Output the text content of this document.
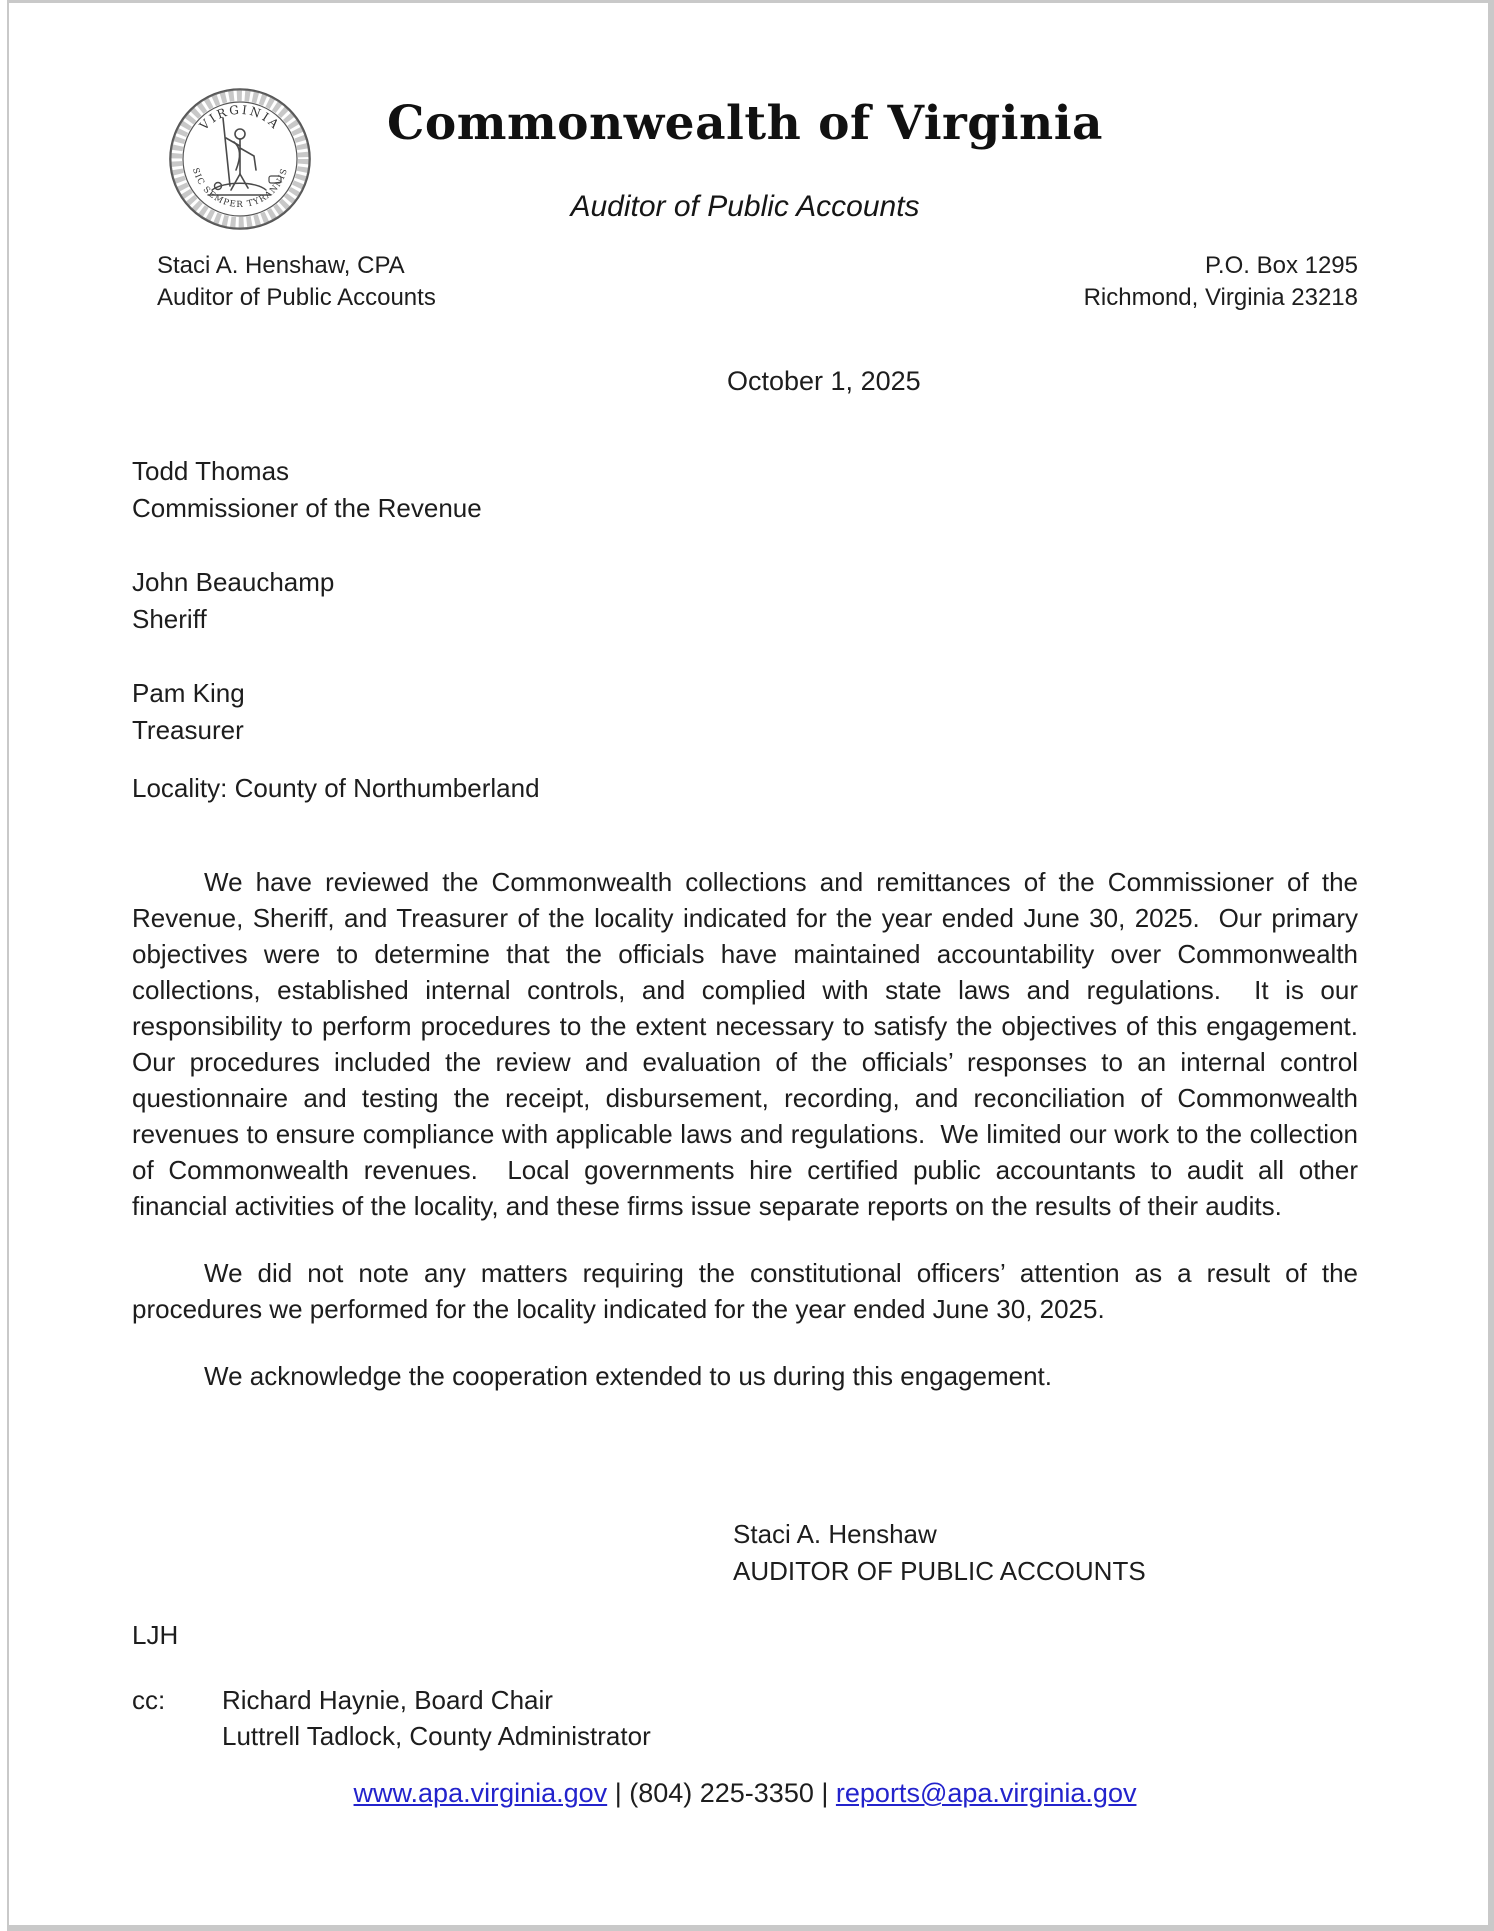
VIRGINIA
SIC SEMPER TYRANNIS
Commonwealth of Virginia
Auditor of Public Accounts
Staci A. Henshaw, CPA
Auditor of Public Accounts
P.O. Box 1295
Richmond, Virginia 23218
October 1, 2025
Todd Thomas
Commissioner of the Revenue
John Beauchamp
Sheriff
Pam King
Treasurer
Locality: County of Northumberland

We have reviewed the Commonwealth collections and remittances of the Commissioner of the Revenue, Sheriff, and Treasurer of the locality indicated for the year ended June 30, 2025.  Our primary objectives were to determine that the officials have maintained accountability over Commonwealth collections, established internal controls, and complied with state laws and regulations.  It is our responsibility to perform procedures to the extent necessary to satisfy the objectives of this engagement.  Our procedures included the review and evaluation of the officials’ responses to an internal control questionnaire and testing the receipt, disbursement, recording, and reconciliation of Commonwealth revenues to ensure compliance with applicable laws and regulations.  We limited our work to the collection of Commonwealth revenues.  Local governments hire certified public accountants to audit all other financial activities of the locality, and these firms issue separate reports on the results of their audits.

We did not note any matters requiring the constitutional officers’ attention as a result of the procedures we performed for the locality indicated for the year ended June 30, 2025.

We acknowledge the cooperation extended to us during this engagement.

Staci A. Henshaw
AUDITOR OF PUBLIC ACCOUNTS
LJH
cc:	Richard Haynie, Board Chair
Luttrell Tadlock, County Administrator
www.apa.virginia.gov | (804) 225-3350 | reports@apa.virginia.gov
